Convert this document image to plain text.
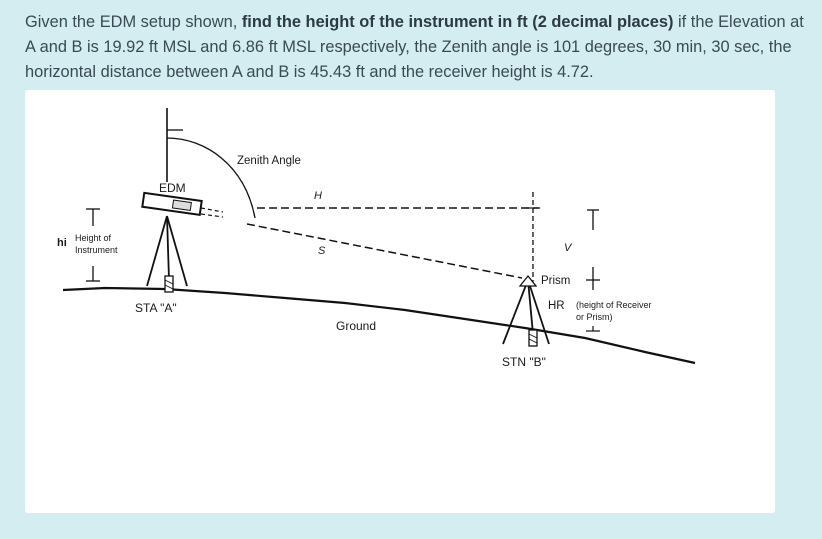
Given the EDM setup shown, find the height of the instrument in ft (2 decimal places) if the Elevation at A and B is 19.92 ft MSL and 6.86 ft MSL respectively, the Zenith angle is 101 degrees, 30 min, 30 sec, the horizontal distance between A and B is 45.43 ft and the receiver height is 4.72.

Zenith Angle
EDM
STA "A"
H
S	V
Prism
STN "B"
HR (height of Receiver
or Prism)
hi Height of
Instrument
Ground
